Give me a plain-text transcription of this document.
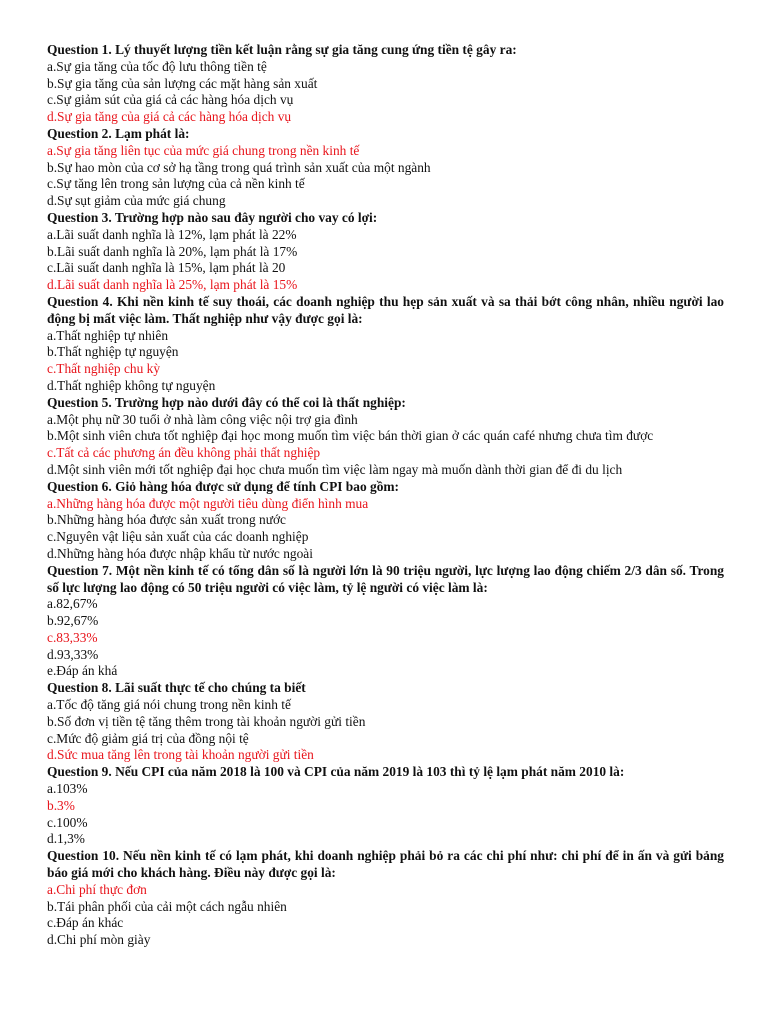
Question 1. Lý thuyết lượng tiền kết luận rằng sự gia tăng cung ứng tiền tệ gây ra:
a.Sự gia tăng của tốc độ lưu thông tiền tệ
b.Sự gia tăng của sản lượng các mặt hàng sản xuất
c.Sự giảm sút của giá cả các hàng hóa dịch vụ
d.Sự gia tăng của giá cả các hàng hóa dịch vụ
Question 2. Lạm phát là:
a.Sự gia tăng liên tục của mức giá chung trong nền kinh tế
b.Sự hao mòn của cơ sở hạ tầng trong quá trình sản xuất của một ngành
c.Sự tăng lên trong sản lượng của cả nền kinh tế
d.Sự sụt giảm của mức giá chung
Question 3. Trường hợp nào sau đây người cho vay có lợi:
a.Lãi suất danh nghĩa là 12%, lạm phát là 22%
b.Lãi suất danh nghĩa là 20%, lạm phát là 17%
c.Lãi suất danh nghĩa là 15%, lạm phát là 20
d.Lãi suất danh nghĩa là 25%, lạm phát là 15%
Question 4. Khi nền kinh tế suy thoái, các doanh nghiệp thu hẹp sản xuất và sa thải bớt công nhân, nhiều người lao động bị mất việc làm. Thất nghiệp như vậy được gọi là:
a.Thất nghiệp tự nhiên
b.Thất nghiệp tự nguyện
c.Thất nghiệp chu kỳ
d.Thất nghiệp không tự nguyện
Question 5. Trường hợp nào dưới đây có thể coi là thất nghiệp:
a.Một phụ nữ 30 tuổi ở nhà làm công việc nội trợ gia đình
b.Một sinh viên chưa tốt nghiệp đại học mong muốn tìm việc bán thời gian ở các quán café nhưng chưa tìm được
c.Tất cả các phương án đều không phải thất nghiệp
d.Một sinh viên mới tốt nghiệp đại học chưa muốn tìm việc làm ngay mà muốn dành thời gian để đi du lịch
Question 6. Giỏ hàng hóa được sử dụng để tính CPI bao gồm:
a.Những hàng hóa được một người tiêu dùng điển hình mua
b.Những hàng hóa được sản xuất trong nước
c.Nguyên vật liệu sản xuất của các doanh nghiệp
d.Những hàng hóa được nhập khẩu từ nước ngoài
Question 7. Một nền kinh tế có tổng dân số là người lớn là 90 triệu người, lực lượng lao động chiếm 2/3 dân số. Trong số lực lượng lao động có 50 triệu người có việc làm, tỷ lệ người có việc làm là:
a.82,67%
b.92,67%
c.83,33%
d.93,33%
e.Đáp án khá
Question 8. Lãi suất thực tế cho chúng ta biết
a.Tốc độ tăng giá nói chung trong nền kinh tế
b.Số đơn vị tiền tệ tăng thêm trong tài khoản người gửi tiền
c.Mức độ giảm giá trị của đồng nội tệ
d.Sức mua tăng lên trong tài khoản người gửi tiền
Question 9. Nếu CPI của năm 2018 là 100 và CPI của năm 2019 là 103 thì tỷ lệ lạm phát năm 2010 là:
a.103%
b.3%
c.100%
d.1,3%
Question 10. Nếu nền kinh tế có lạm phát, khi doanh nghiệp phải bỏ ra các chi phí như: chi phí để in ấn và gửi bảng báo giá mới cho khách hàng. Điều này được gọi là:
a.Chi phí thực đơn
b.Tái phân phối của cải một cách ngẫu nhiên
c.Đáp án khác
d.Chi phí mòn giày
